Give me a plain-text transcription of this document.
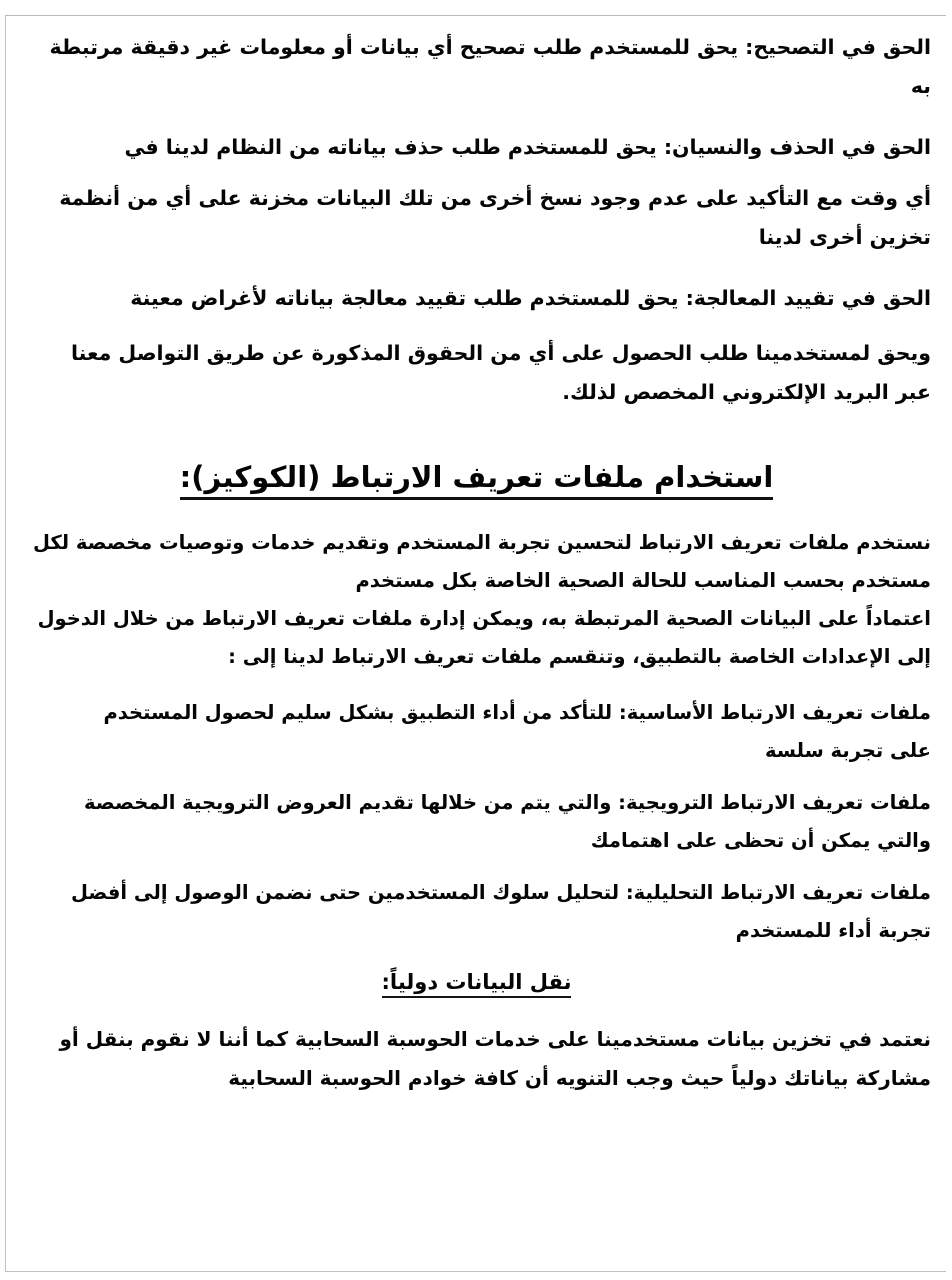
الحق في التصحيح: يحق للمستخدم طلب تصحيح أي بيانات أو معلومات غير دقيقة مرتبطة به
الحق في الحذف والنسيان: يحق للمستخدم طلب حذف بياناته من النظام لدينا في
أي وقت مع التأكيد على عدم وجود نسخ أخرى من تلك البيانات مخزنة على أي من أنظمة تخزين أخرى لدينا
الحق في تقييد المعالجة: يحق للمستخدم طلب تقييد معالجة بياناته لأغراض معينة
ويحق لمستخدمينا طلب الحصول على أي من الحقوق المذكورة عن طريق التواصل معنا عبر البريد الإلكتروني المخصص لذلك.
استخدام ملفات تعريف الارتباط (الكوكيز):
نستخدم ملفات تعريف الارتباط لتحسين تجربة المستخدم وتقديم خدمات وتوصيات مخصصة لكل مستخدم بحسب المناسب للحالة الصحية الخاصة بكل مستخدم
اعتماداً على البيانات الصحية المرتبطة به، ويمكن إدارة ملفات تعريف الارتباط من خلال الدخول إلى الإعدادات الخاصة بالتطبيق، وتنقسم ملفات تعريف الارتباط لدينا إلى :
ملفات تعريف الارتباط الأساسية: للتأكد من أداء التطبيق بشكل سليم لحصول المستخدم على تجربة سلسة
ملفات تعريف الارتباط الترويجية: والتي يتم من خلالها تقديم العروض الترويجية المخصصة والتي يمكن أن تحظى على اهتمامك
ملفات تعريف الارتباط التحليلية: لتحليل سلوك المستخدمين حتى نضمن الوصول إلى أفضل تجربة أداء للمستخدم
نقل البيانات دولياً:
نعتمد في تخزين بيانات مستخدمينا على خدمات الحوسبة السحابية كما أننا لا نقوم بنقل أو مشاركة بياناتك دولياً حيث وجب التنويه أن كافة خوادم الحوسبة السحابية
